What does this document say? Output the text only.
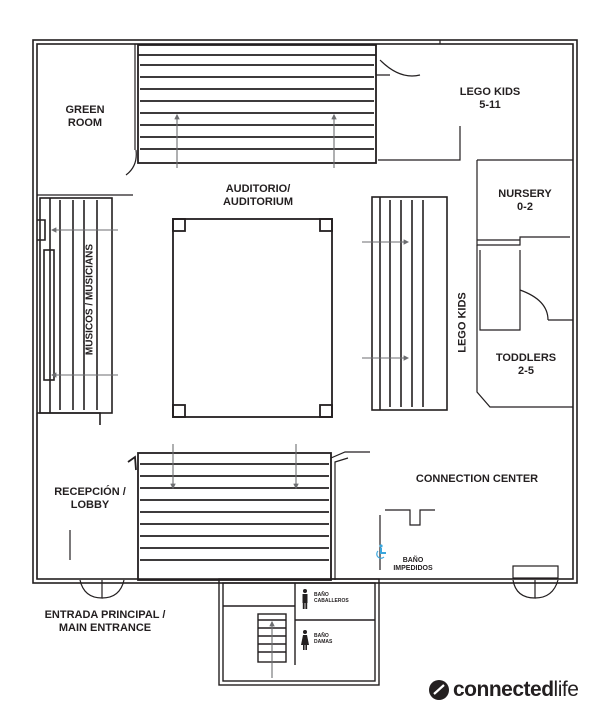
GREEN
ROOM
LEGO KIDS
5-11
AUDITORIO/
AUDITORIUM
NURSERY
0-2
MÚSICOS / MUSICIANS	LEGO KIDS
TODDLERS
2-5
RECEPCIÓN /
LOBBY
CONNECTION CENTER
BAÑO
IMPEDIDOS
BAÑO
CABALLEROS
BAÑO
DAMAS
ENTRADA PRINCIPAL /
MAIN ENTRANCE
connectedlife
